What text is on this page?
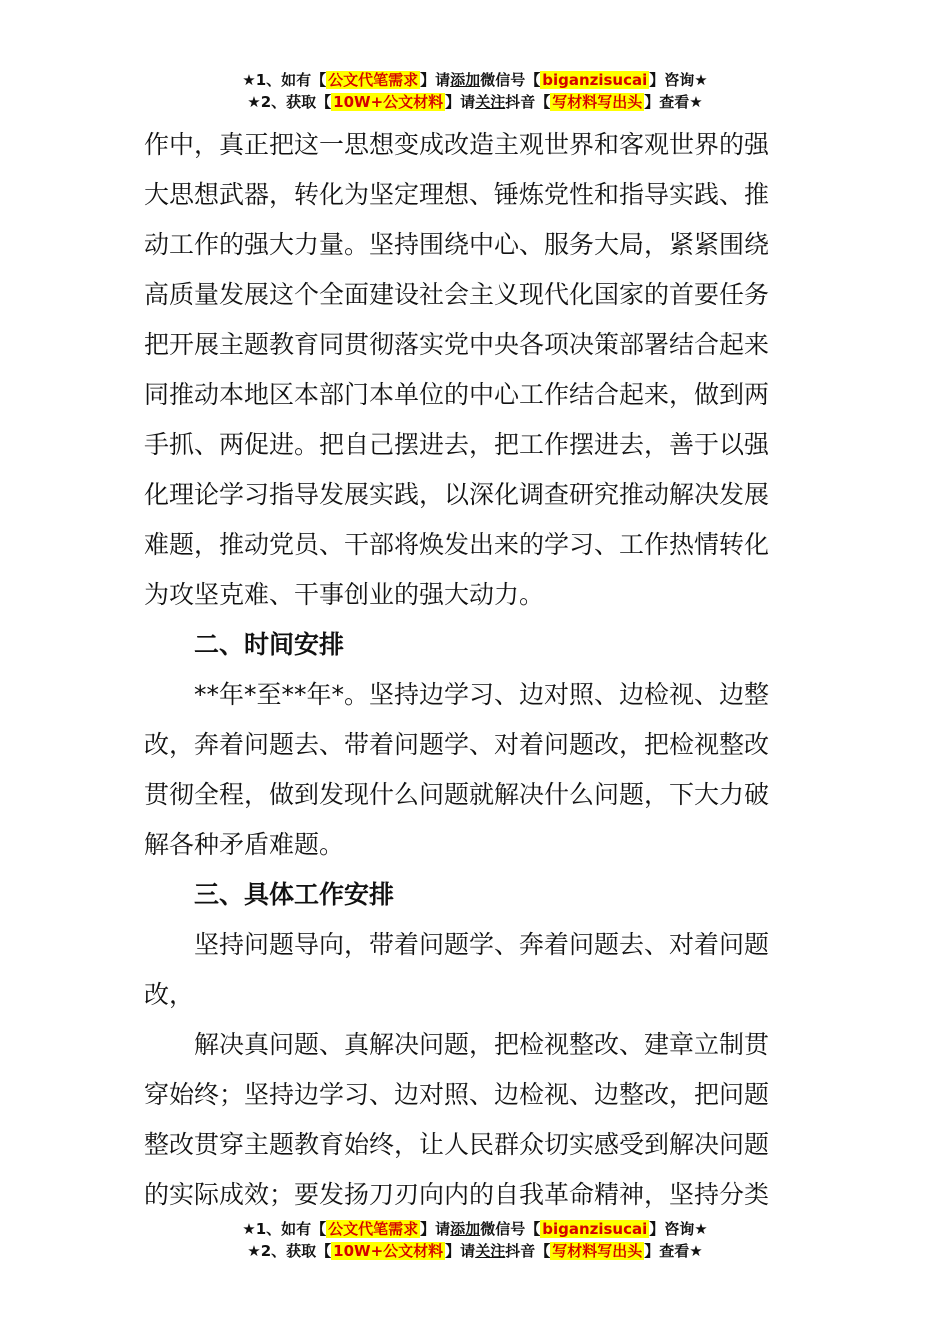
★1、如有【 公文代笔需求 】请添加微信号【 biganzisucai 】咨询★
★2、获取【 10W+公文材料 】请关注抖音【 写材料写出头 】查看★

作中，真正把这一思想变成改造主观世界和客观世界的强
大思想武器，转化为坚定理想、锤炼党性和指导实践、推
动工作的强大力量。坚持围绕中心、服务大局，紧紧围绕
高质量发展这个全面建设社会主义现代化国家的首要任务
把开展主题教育同贯彻落实党中央各项决策部署结合起来
同推动本地区本部门本单位的中心工作结合起来，做到两
手抓、两促进。把自己摆进去，把工作摆进去，善于以强
化理论学习指导发展实践，以深化调查研究推动解决发展
难题，推动党员、干部将焕发出来的学习、工作热情转化
为攻坚克难、干事创业的强大动力。

二、时间安排

**年*至**年*。坚持边学习、边对照、边检视、边整
改，奔着问题去、带着问题学、对着问题改，把检视整改
贯彻全程，做到发现什么问题就解决什么问题，下大力破
解各种矛盾难题。

三、具体工作安排

坚持问题导向，带着问题学、奔着问题去、对着问题
改，

解决真问题、真解决问题，把检视整改、建章立制贯
穿始终；坚持边学习、边对照、边检视、边整改，把问题
整改贯穿主题教育始终，让人民群众切实感受到解决问题
的实际成效；要发扬刀刃向内的自我革命精神，坚持分类

★1、如有【 公文代笔需求 】请添加微信号【 biganzisucai 】咨询★
★2、获取【 10W+公文材料 】请关注抖音【 写材料写出头 】查看★
